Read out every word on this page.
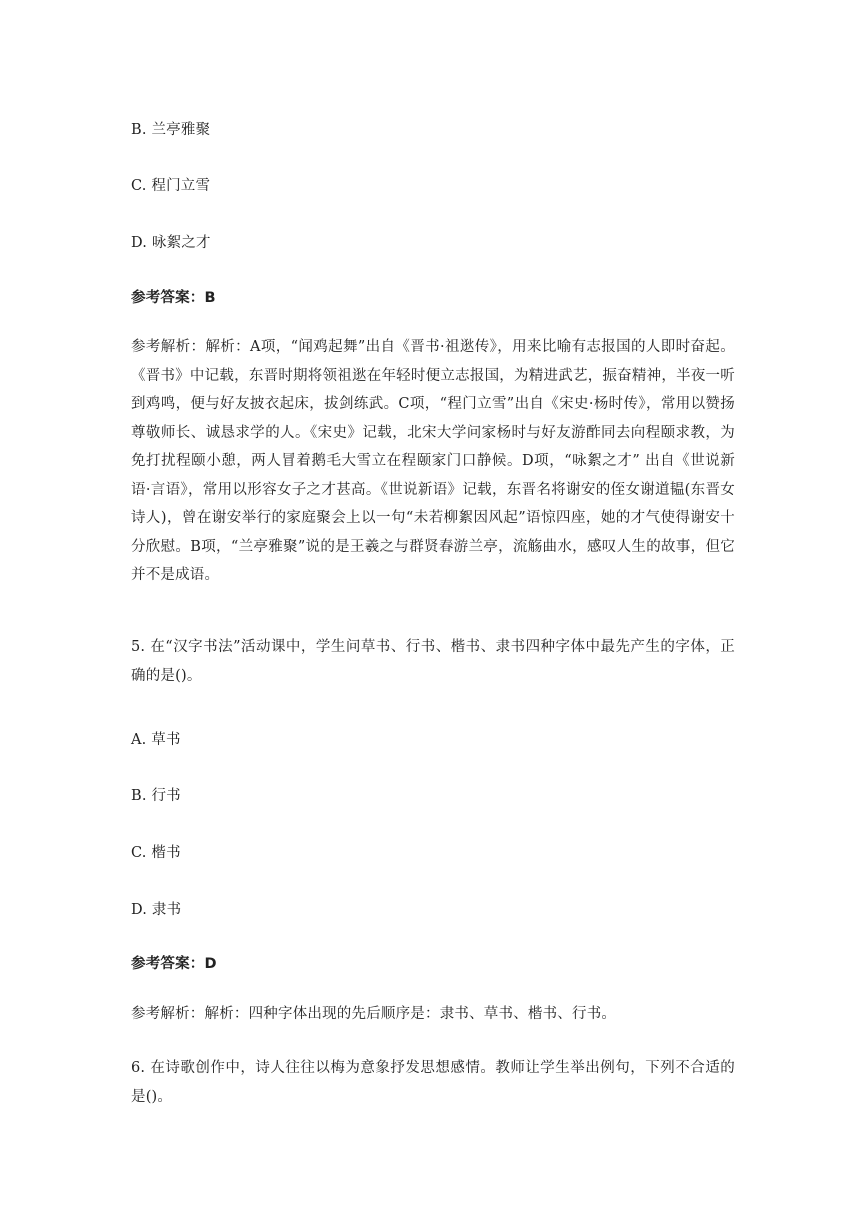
B. 兰亭雅聚
C. 程门立雪
D. 咏絮之才
参考答案：B
参考解析：解析：A项，“闻鸡起舞”出自《晋书·祖逖传》，用来比喻有志报国的人即时奋起。《晋书》中记载，东晋时期将领祖逖在年轻时便立志报国，为精进武艺，振奋精神，半夜一听到鸡鸣，便与好友披衣起床，拔剑练武。C项，“程门立雪”出自《宋史·杨时传》，常用以赞扬尊敬师长、诚恳求学的人。《宋史》记载，北宋大学问家杨时与好友游酢同去向程颐求教，为免打扰程颐小憩，两人冒着鹅毛大雪立在程颐家门口静候。D项，“咏絮之才” 出自《世说新语·言语》，常用以形容女子之才甚高。《世说新语》记载，东晋名将谢安的侄女谢道韫(东晋女诗人)，曾在谢安举行的家庭聚会上以一句“未若柳絮因风起”语惊四座，她的才气使得谢安十分欣慰。B项，“兰亭雅聚”说的是王羲之与群贤春游兰亭，流觞曲水，感叹人生的故事，但它并不是成语。
5. 在“汉字书法”活动课中，学生问草书、行书、楷书、隶书四种字体中最先产生的字体，正确的是()。
A. 草书
B. 行书
C. 楷书
D. 隶书
参考答案：D
参考解析：解析：四种字体出现的先后顺序是：隶书、草书、楷书、行书。
6. 在诗歌创作中，诗人往往以梅为意象抒发思想感情。教师让学生举出例句，下列不合适的是()。
